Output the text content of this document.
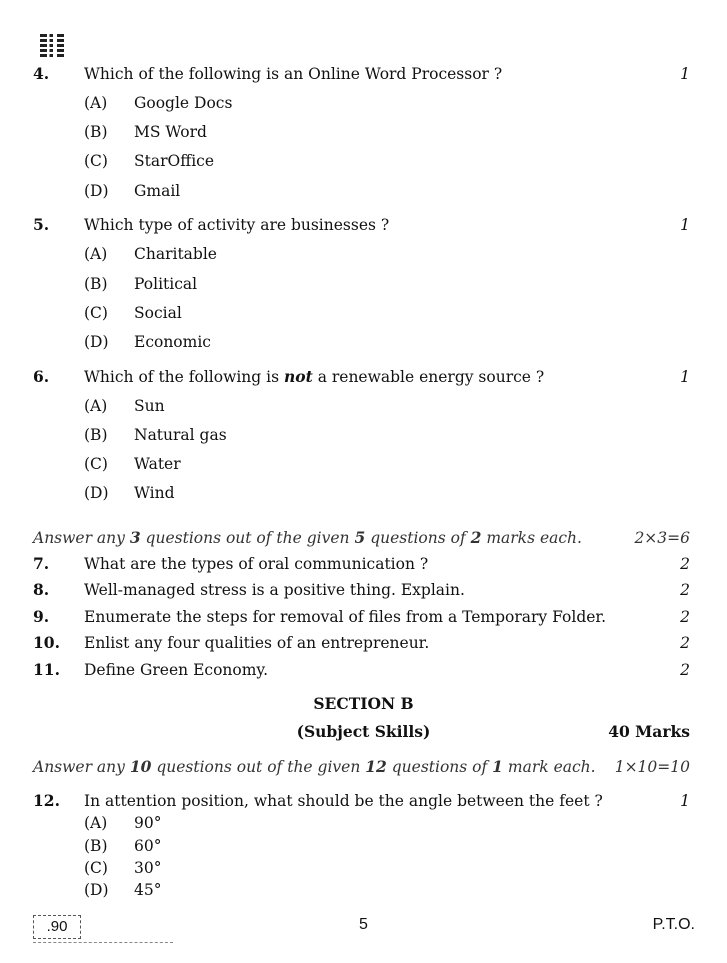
4. Which of the following is an Online Word Processor ?	1
(A) Google Docs
(B) MS Word
(C) StarOffice
(D) Gmail
5. Which type of activity are businesses ?	1
(A) Charitable
(B) Political
(C) Social
(D) Economic
6. Which of the following is not a renewable energy source ?	1
(A) Sun
(B) Natural gas
(C) Water
(D) Wind
Answer any 3 questions out of the given 5 questions of 2 marks each.	2×3=6
7. What are the types of oral communication ?	2
8. Well-managed stress is a positive thing. Explain.	2
9. Enumerate the steps for removal of files from a Temporary Folder.	2
10. Enlist any four qualities of an entrepreneur.	2
11. Define Green Economy.	2
SECTION B
(Subject Skills)	40 Marks
Answer any 10 questions out of the given 12 questions of 1 mark each. 1×10=10
12. In attention position, what should be the angle between the feet ?	1
(A) 90°
(B) 60°
(C) 30°
(D) 45°
.90	5	P.T.O.
